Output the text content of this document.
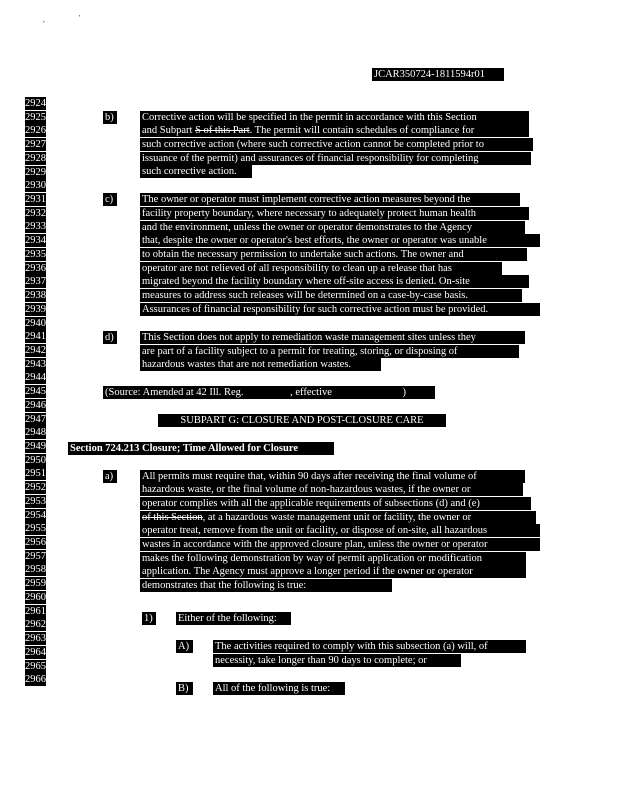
,	'
JCAR350724-1811594r01
2924
2925
2926
2927
2928
2929
2930
2931
2932
2933
2934
2935
2936
2937
2938
2939
2940
2941
2942
2943
2944
2945
2946
2947
2948
2949
2950
2951
2952
2953
2954
2955
2956
2957
2958
2959
2960
2961
2962
2963
2964
2965
2966
b)	Corrective action will be specified in the permit in accordance with this Section
and Subpart S of this Part. The permit will contain schedules of compliance for
such corrective action (where such corrective action cannot be completed prior to
issuance of the permit) and assurances of financial responsibility for completing
such corrective action.
c)	The owner or operator must implement corrective action measures beyond the
facility property boundary, where necessary to adequately protect human health
and the environment, unless the owner or operator demonstrates to the Agency
that, despite the owner or operator's best efforts, the owner or operator was unable
to obtain the necessary permission to undertake such actions. The owner and
operator are not relieved of all responsibility to clean up a release that has
migrated beyond the facility boundary where off-site access is denied. On-site
measures to address such releases will be determined on a case-by-case basis.
Assurances of financial responsibility for such corrective action must be provided.
d)	This Section does not apply to remediation waste management sites unless they
are part of a facility subject to a permit for treating, storing, or disposing of
hazardous wastes that are not remediation wastes.
(Source: Amended at 42 Ill. Reg.	, effective	)
SUBPART G: CLOSURE AND POST-CLOSURE CARE
Section 724.213 Closure; Time Allowed for Closure
a)	All permits must require that, within 90 days after receiving the final volume of
hazardous waste, or the final volume of non-hazardous wastes, if the owner or
operator complies with all the applicable requirements of subsections (d) and (e)
of this Section, at a hazardous waste management unit or facility, the owner or
operator treat, remove from the unit or facility, or dispose of on-site, all hazardous
wastes in accordance with the approved closure plan, unless the owner or operator
makes the following demonstration by way of permit application or modification
application. The Agency must approve a longer period if the owner or operator
demonstrates that the following is true:
1)	Either of the following:
A)	The activities required to comply with this subsection (a) will, of
necessity, take longer than 90 days to complete; or
B)	All of the following is true:
